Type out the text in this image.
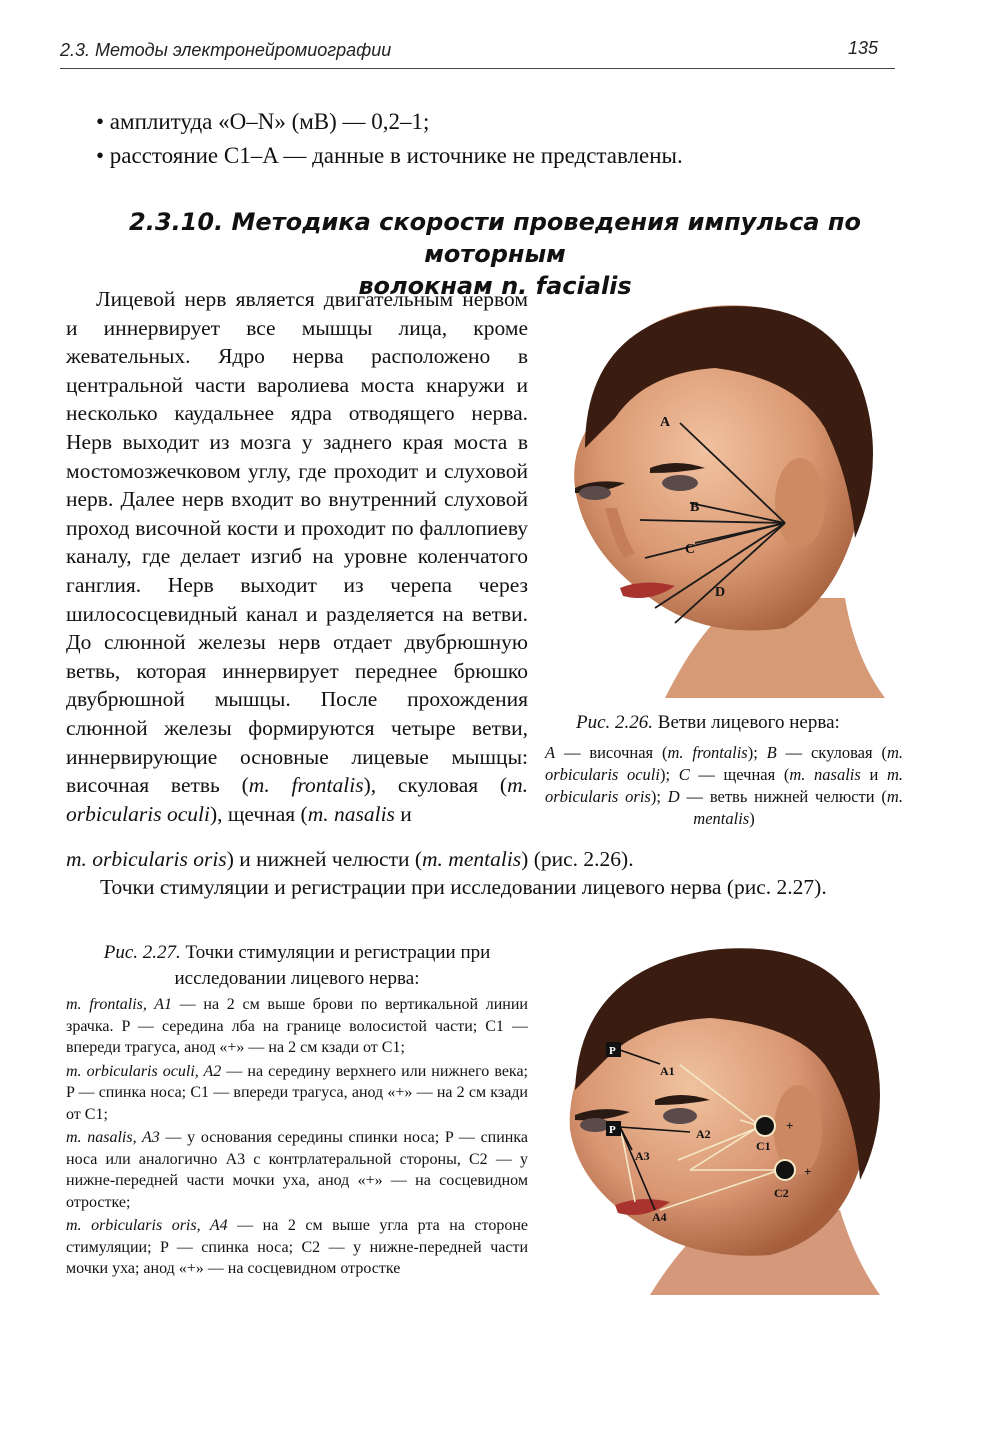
2.3. Методы электронейромиографии	135
• амплитуда «O–N» (мВ) — 0,2–1;
• расстояние C1–A — данные в источнике не представлены.
2.3.10. Методика скорости проведения импульса по моторным
волокнам n. facialis

Лицевой нерв является двигательным нервом и иннервирует все мышцы лица, кроме жевательных. Ядро нерва расположено в центральной части варолиева моста кнаружи и несколько каудальнее ядра отводящего нерва. Нерв выходит из мозга у заднего края моста в мостомозжечковом углу, где проходит и слуховой нерв. Далее нерв входит во внутренний слуховой проход височной кости и проходит по фаллопиеву каналу, где делает изгиб на уровне коленчатого ганглия. Нерв выходит из черепа через шилососцевидный канал и разделяется на ветви. До слюнной железы нерв отдает двубрюшную ветвь, которая иннервирует переднее брюшко двубрюшной мышцы. После прохождения слюнной железы формируются четыре ветви, иннервирующие основные лицевые мышцы: височная ветвь (m. frontalis), скуловая (m. orbicularis oculi), щечная (m. nasalis и

m. orbicularis oris) и нижней челюсти (m. mentalis) (рис. 2.26).
Точки стимуляции и регистрации при исследовании лицевого нерва (рис. 2.27).
A
B
C
D
Рис. 2.26. Ветви лицевого нерва:
A — височная (m. frontalis); B — скуловая (m. orbicularis oculi); C — щечная (m. nasalis и m. orbicularis oris); D — ветвь нижней челюсти (m. mentalis)
Рис. 2.27. Точки стимуляции и регистрации при исследовании лицевого нерва:

m. frontalis, A1 — на 2 см выше брови по вертикальной линии зрачка. P — середина лба на границе волосистой части; C1 — впереди трагуса, анод «+» — на 2 см кзади от C1;

m. orbicularis oculi, A2 — на середину верхнего или нижнего века; P — спинка носа; C1 — впереди трагуса, анод «+» — на 2 см кзади от C1;

m. nasalis, A3 — у основания середины спинки носа; P — спинка носа или аналогично A3 с контрлатеральной стороны, C2 — у нижне-передней части мочки уха, анод «+» — на сосцевидном отростке;

m. orbicularis oris, A4 — на 2 см выше угла рта на стороне стимуляции; P — спинка носа; C2 — у нижне-передней части мочки уха; анод «+» — на сосцевидном отростке

P
A1
P	A2
A3
A4
C1
C2
+
+
